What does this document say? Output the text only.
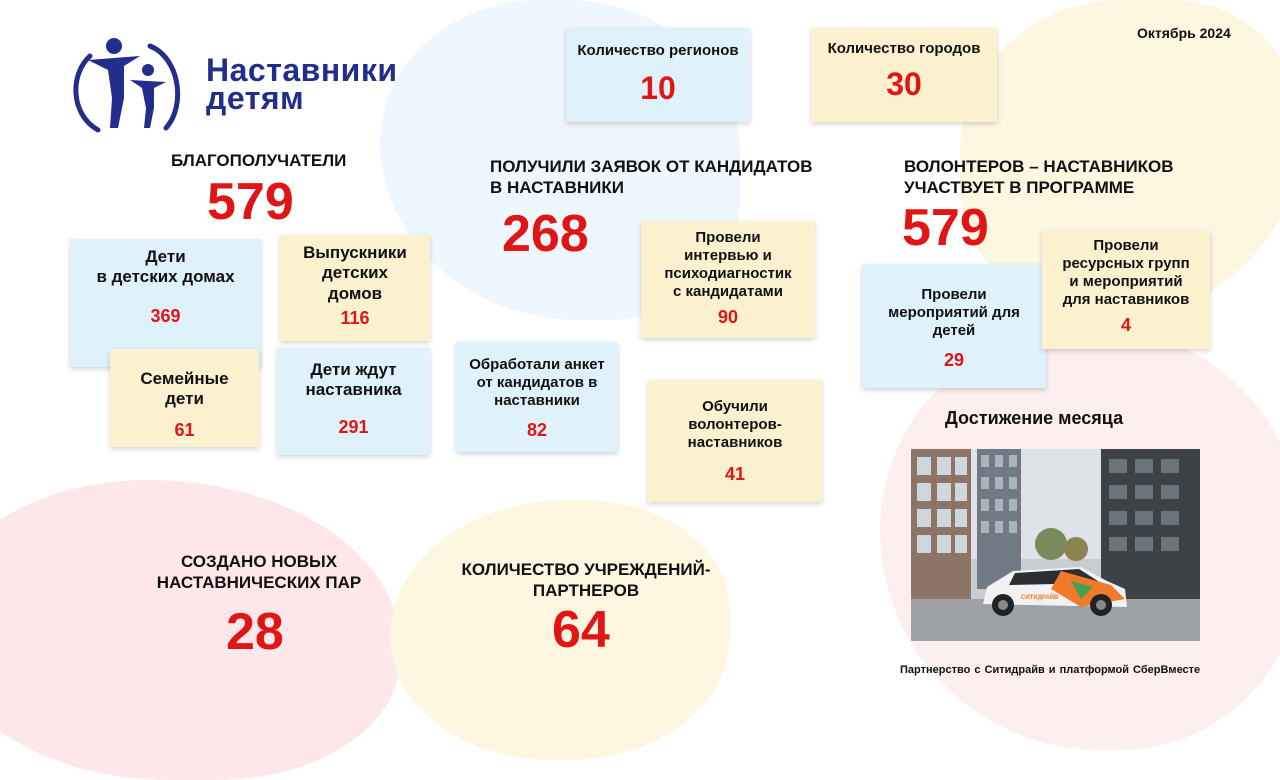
Октябрь 2024
Наставники
детям
Количество регионов
10
Количество городов
30
БЛАГОПОЛУЧАТЕЛИ
579
Дети
в детских домах
369
Выпускники
детских
домов
116
Семейные
дети
61
Дети ждут
наставника
291
ПОЛУЧИЛИ ЗАЯВОК ОТ КАНДИДАТОВ
В НАСТАВНИКИ
268	Провели
интервью и
психодиагностик
с кандидатами
90
Обработали анкет
от кандидатов в
наставники
82
Обучили
волонтеров-
наставников
41
ВОЛОНТЕРОВ – НАСТАВНИКОВ
УЧАСТВУЕТ В ПРОГРАММЕ
579
Провели
мероприятий для
детей
29
Провели
ресурсных групп
и мероприятий
для наставников
4
СОЗДАНО НОВЫХ
НАСТАВНИЧЕСКИХ ПАР
28
КОЛИЧЕСТВО УЧРЕЖДЕНИЙ-
ПАРТНЕРОВ
64
Достижение месяца
СИТИДРАЙВ
Партнерство с Ситидрайв и платформой СберВместе
